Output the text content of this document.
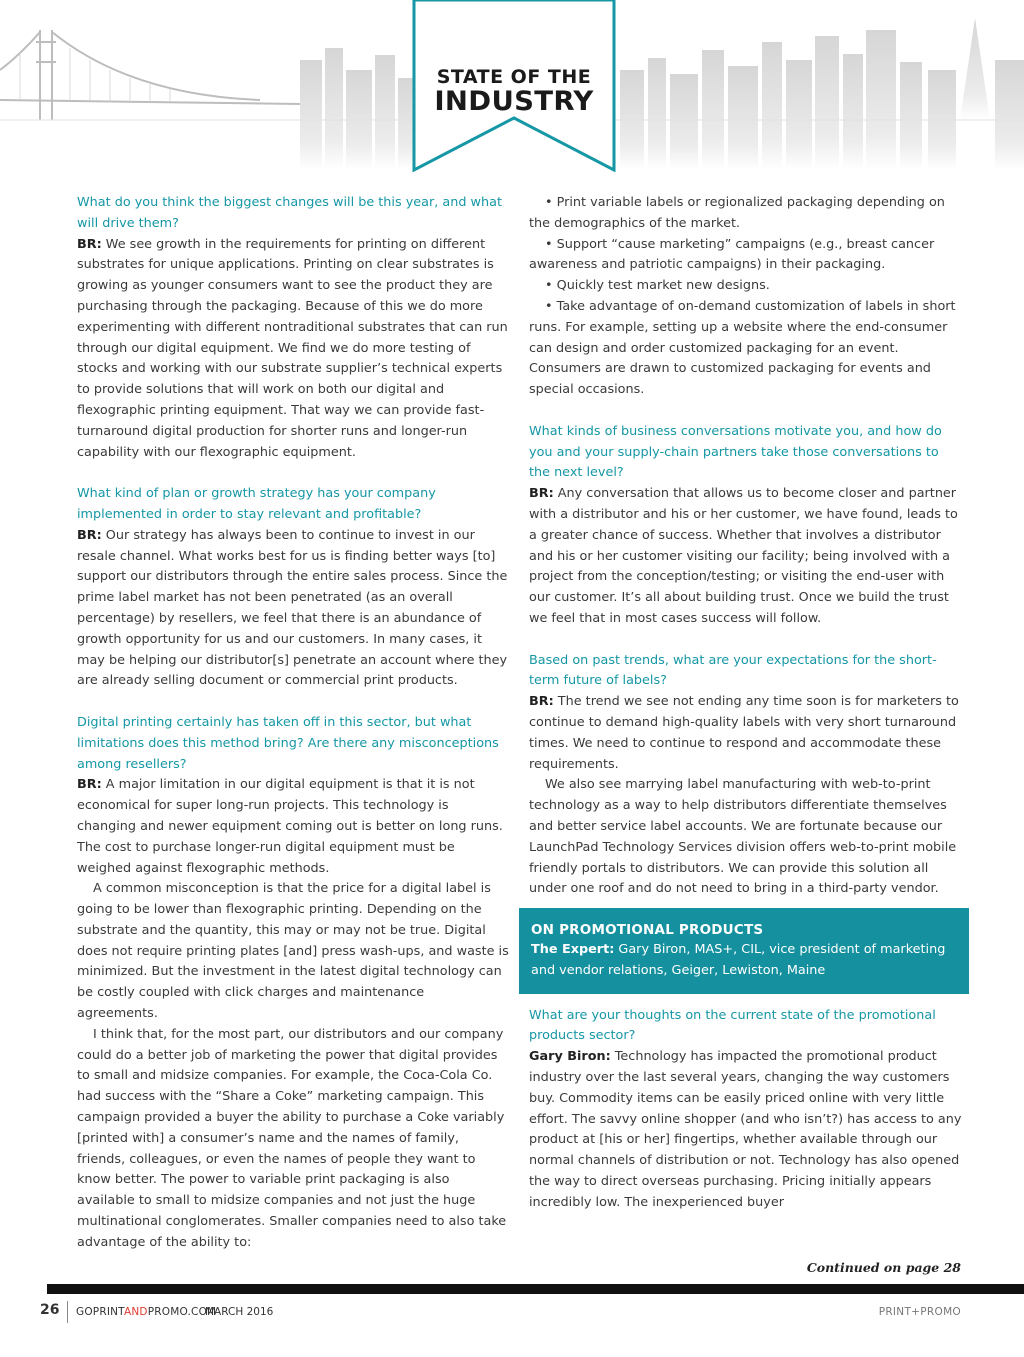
STATE OF THE
INDUSTRY

What do you think the biggest changes will be this year, and what will drive them?

BR: We see growth in the requirements for printing on different substrates for unique applications. Printing on clear substrates is growing as younger consumers want to see the product they are purchasing through the packaging. Because of this we do more experimenting with different nontraditional substrates that can run through our digital equipment. We find we do more testing of stocks and working with our substrate supplier’s technical experts to provide solutions that will work on both our digital and flexographic printing equipment. That way we can provide fast-turnaround digital production for shorter runs and longer-run capability with our flexographic equipment.

What kind of plan or growth strategy has your company implemented in order to stay relevant and profitable?

BR: Our strategy has always been to continue to invest in our resale channel. What works best for us is finding better ways [to] support our distributors through the entire sales process. Since the prime label market has not been penetrated (as an overall percentage) by resellers, we feel that there is an abundance of growth opportunity for us and our customers. In many cases, it may be helping our distributor[s] penetrate an account where they are already selling document or commercial print products.

Digital printing certainly has taken off in this sector, but what limitations does this method bring? Are there any misconceptions among resellers?

BR: A major limitation in our digital equipment is that it is not economical for super long-run projects. This technology is changing and newer equipment coming out is better on long runs. The cost to purchase longer-run digital equipment must be weighed against flexographic methods.

A common misconception is that the price for a digital label is going to be lower than flexographic printing. Depending on the substrate and the quantity, this may or may not be true. Digital does not require printing plates [and] press wash-ups, and waste is minimized. But the investment in the latest digital technology can be costly coupled with click charges and maintenance agreements.

I think that, for the most part, our distributors and our company could do a better job of marketing the power that digital provides to small and midsize companies. For example, the Coca-Cola Co. had success with the “Share a Coke” marketing campaign. This campaign provided a buyer the ability to purchase a Coke variably [printed with] a consumer’s name and the names of family, friends, colleagues, or even the names of people they want to know better. The power to variable print packaging is also available to small to midsize companies and not just the huge multinational conglomerates. Smaller companies need to also take advantage of the ability to:

• Print variable labels or regionalized packaging depending on the demographics of the market.

• Support “cause marketing” campaigns (e.g., breast cancer awareness and patriotic campaigns) in their packaging.

• Quickly test market new designs.

• Take advantage of on-demand customization of labels in short runs. For example, setting up a website where the end-consumer can design and order customized packaging for an event. Consumers are drawn to customized packaging for events and special occasions.

What kinds of business conversations motivate you, and how do you and your supply-chain partners take those conversations to the next level?

BR: Any conversation that allows us to become closer and partner with a distributor and his or her customer, we have found, leads to a greater chance of success. Whether that involves a distributor and his or her customer visiting our facility; being involved with a project from the conception/testing; or visiting the end-user with our customer. It’s all about building trust. Once we build the trust we feel that in most cases success will follow.

Based on past trends, what are your expectations for the short-term future of labels?

BR: The trend we see not ending any time soon is for marketers to continue to demand high-quality labels with very short turnaround times. We need to continue to respond and accommodate these requirements.

We also see marrying label manufacturing with web-to-print technology as a way to help distributors differentiate themselves and better service label accounts. We are fortunate because our LaunchPad Technology Services division offers web-to-print mobile friendly portals to distributors. We can provide this solution all under one roof and do not need to bring in a third-party vendor.

ON PROMOTIONAL PRODUCTS
The Expert: Gary Biron, MAS+, CIL, vice president of marketing and vendor relations, Geiger, Lewiston, Maine

What are your thoughts on the current state of the promotional products sector?

Gary Biron: Technology has impacted the promotional product industry over the last several years, changing the way customers buy. Commodity items can be easily priced online with very little effort. The savvy online shopper (and who isn’t?) has access to any product at [his or her] fingertips, whether available through our normal channels of distribution or not. Technology has also opened the way to direct overseas purchasing. Pricing initially appears incredibly low. The inexperienced buyer

Continued on page 28
26 GOPRINTANDPROMO.COM
MARCH 2016	PRINT+PROMO
